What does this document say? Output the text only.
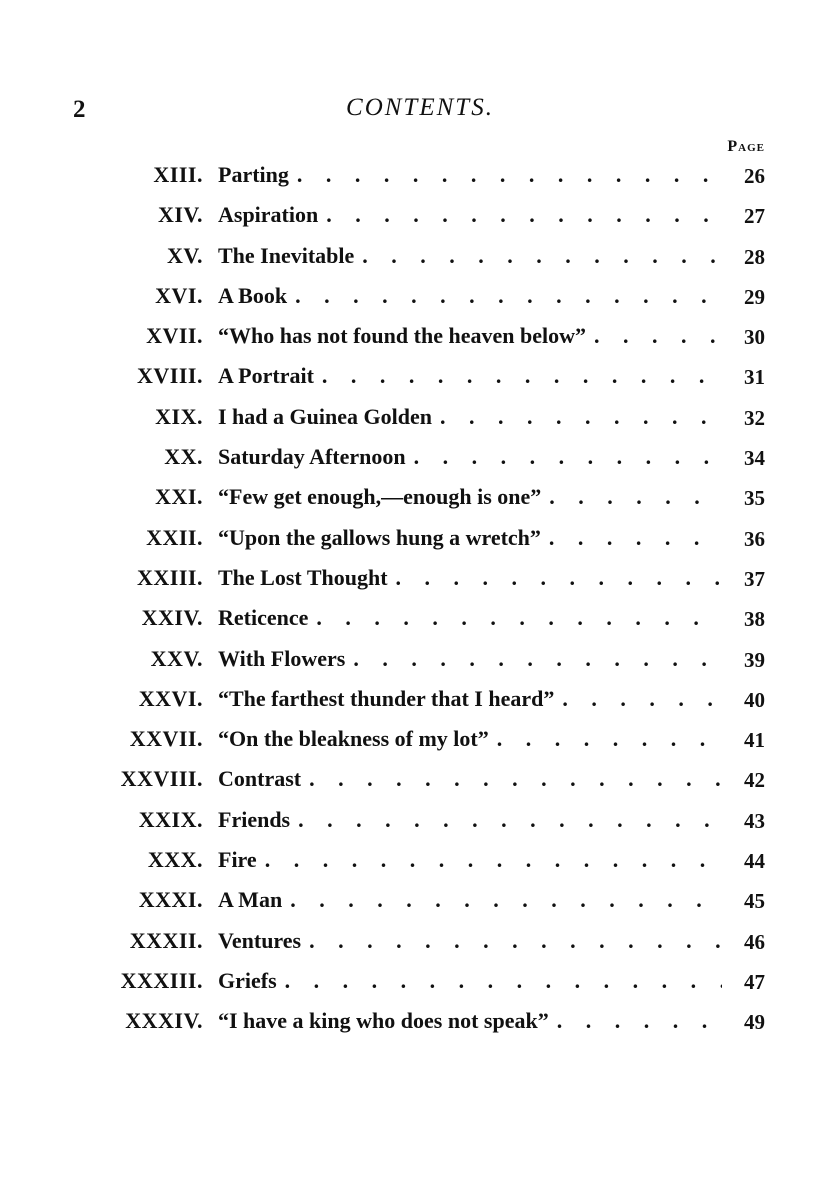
2	CONTENTS.
Page
XIII. Parting . . .	26
XIV. Aspiration . . .	27
XV. The Inevitable . . .	28
XVI. A Book . . .	29
XVII. “Who has not found the heaven below” . . .	30
XVIII. A Portrait . . .	31
XIX. I had a Guinea Golden . . .	32
XX. Saturday Afternoon . . .	34
XXI. “Few get enough,—enough is one” . . .	35
XXII. “Upon the gallows hung a wretch” . . .	36
XXIII. The Lost Thought . . .	37
XXIV. Reticence . . .	38
XXV. With Flowers . . .	39
XXVI. “The farthest thunder that I heard” . . .	40
XXVII. “On the bleakness of my lot” . . .	41
XXVIII. Contrast . . .	42
XXIX. Friends . . .	43
XXX. Fire . . .	44
XXXI. A Man . . .	45
XXXII. Ventures . . .	46
XXXIII. Griefs . . .	47
XXXIV. “I have a king who does not speak” . . .	49
